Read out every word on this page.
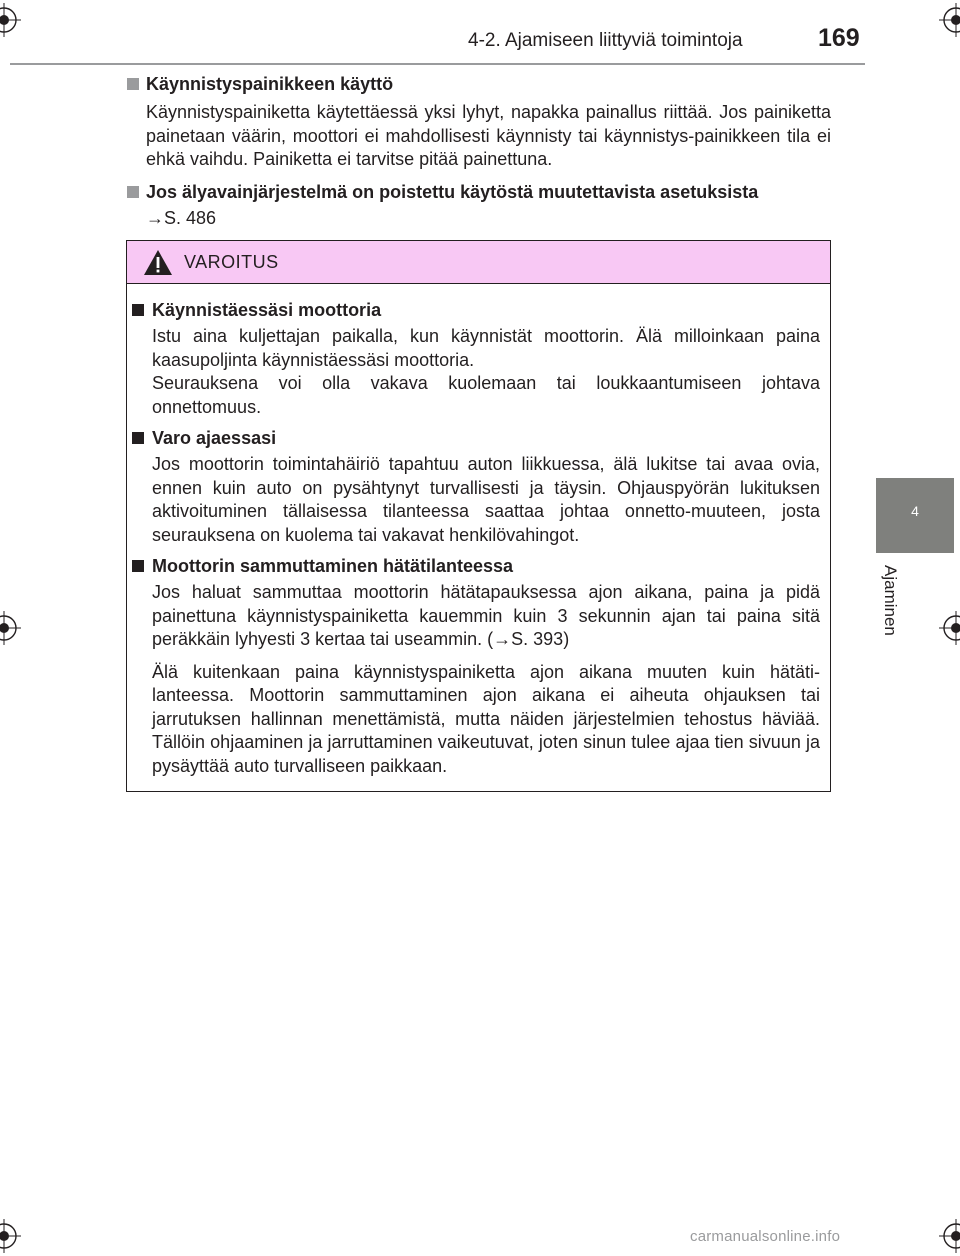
4-2. Ajamiseen liittyviä toimintoja	169
4
Ajaminen
Käynnistyspainikkeen käyttö

Käynnistyspainiketta käytettäessä yksi lyhyt, napakka painallus riittää. Jos painiketta painetaan väärin, moottori ei mahdollisesti käynnisty tai käynnistys-painikkeen tila ei ehkä vaihdu. Painiketta ei tarvitse pitää painettuna.

Jos älyavainjärjestelmä on poistettu käytöstä muutettavista asetuksista

→S. 486

VAROITUS
Käynnistäessäsi moottoria

Istu aina kuljettajan paikalla, kun käynnistät moottorin. Älä milloinkaan paina kaasupoljinta käynnistäessäsi moottoria.

Seurauksena voi olla vakava kuolemaan tai loukkaantumiseen johtava onnettomuus.

Varo ajaessasi

Jos moottorin toimintahäiriö tapahtuu auton liikkuessa, älä lukitse tai avaa ovia, ennen kuin auto on pysähtynyt turvallisesti ja täysin. Ohjauspyörän lukituksen aktivoituminen tällaisessa tilanteessa saattaa johtaa onnetto-muuteen, josta seurauksena on kuolema tai vakavat henkilövahingot.

Moottorin sammuttaminen hätätilanteessa

Jos haluat sammuttaa moottorin hätätapauksessa ajon aikana, paina ja pidä painettuna käynnistyspainiketta kauemmin kuin 3 sekunnin ajan tai paina sitä peräkkäin lyhyesti 3 kertaa tai useammin. (→S. 393)

Älä kuitenkaan paina käynnistyspainiketta ajon aikana muuten kuin hätäti-lanteessa. Moottorin sammuttaminen ajon aikana ei aiheuta ohjauksen tai jarrutuksen hallinnan menettämistä, mutta näiden järjestelmien tehostus häviää. Tällöin ohjaaminen ja jarruttaminen vaikeutuvat, joten sinun tulee ajaa tien sivuun ja pysäyttää auto turvalliseen paikkaan.

carmanualsonline.info
